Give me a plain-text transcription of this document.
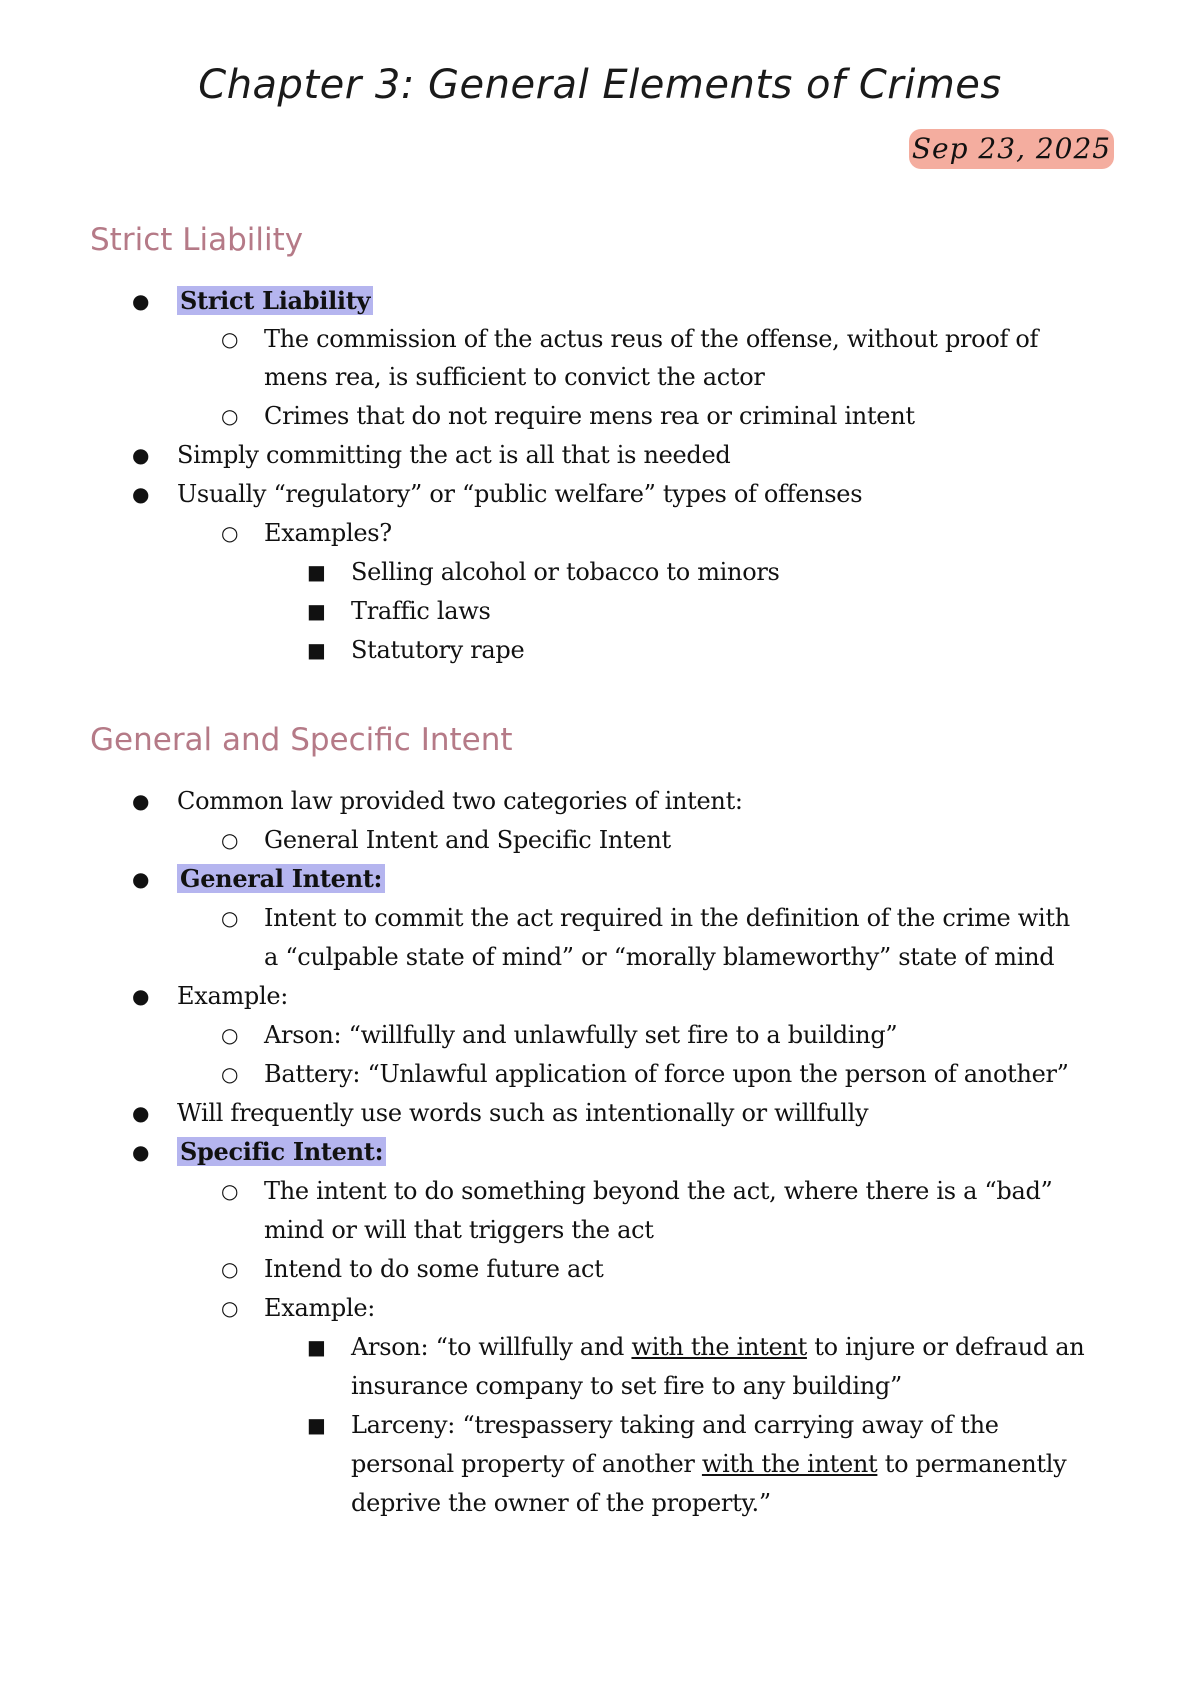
Chapter 3: General Elements of Crimes
Sep 23, 2025
Strict Liability
● Strict Liability
○ The commission of the actus reus of the offense, without proof of
mens rea, is sufficient to convict the actor
○ Crimes that do not require mens rea or criminal intent
● Simply committing the act is all that is needed
● Usually “regulatory” or “public welfare” types of offenses
○ Examples?
■ Selling alcohol or tobacco to minors
■ Traffic laws
■ Statutory rape
General and Specific Intent
● Common law provided two categories of intent:
○ General Intent and Specific Intent
● General Intent:
○ Intent to commit the act required in the definition of the crime with
a “culpable state of mind” or “morally blameworthy” state of mind
● Example:
○ Arson: “willfully and unlawfully set fire to a building”
○ Battery: “Unlawful application of force upon the person of another”
● Will frequently use words such as intentionally or willfully
● Specific Intent:
○ The intent to do something beyond the act, where there is a “bad”
mind or will that triggers the act
○ Intend to do some future act
○ Example:
■ Arson: “to willfully and with the intent to injure or defraud an
insurance company to set fire to any building”
■ Larceny: “trespassery taking and carrying away of the
personal property of another with the intent to permanently
deprive the owner of the property.”
